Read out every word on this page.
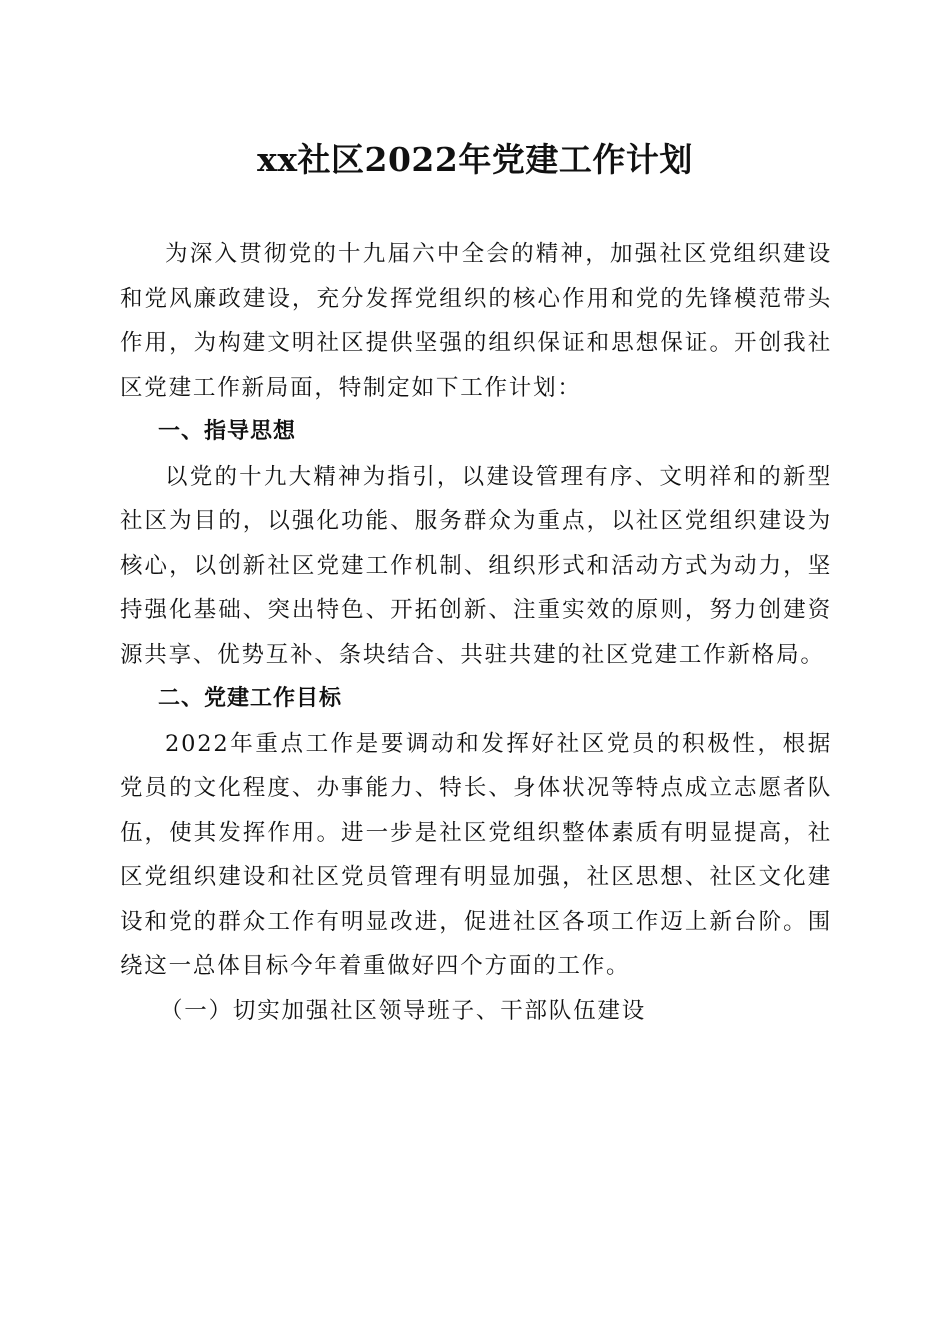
xx社区2022年党建工作计划

为深入贯彻党的十九届六中全会的精神，加强社区党组织建设和党风廉政建设，充分发挥党组织的核心作用和党的先锋模范带头作用，为构建文明社区提供坚强的组织保证和思想保证。开创我社区党建工作新局面，特制定如下工作计划：

一、指导思想

以党的十九大精神为指引，以建设管理有序、文明祥和的新型社区为目的，以强化功能、服务群众为重点，以社区党组织建设为核心，以创新社区党建工作机制、组织形式和活动方式为动力，坚持强化基础、突出特色、开拓创新、注重实效的原则，努力创建资源共享、优势互补、条块结合、共驻共建的社区党建工作新格局。

二、党建工作目标

2022年重点工作是要调动和发挥好社区党员的积极性，根据党员的文化程度、办事能力、特长、身体状况等特点成立志愿者队伍，使其发挥作用。进一步是社区党组织整体素质有明显提高，社区党组织建设和社区党员管理有明显加强，社区思想、社区文化建设和党的群众工作有明显改进，促进社区各项工作迈上新台阶。围绕这一总体目标今年着重做好四个方面的工作。

（一）切实加强社区领导班子、干部队伍建设
